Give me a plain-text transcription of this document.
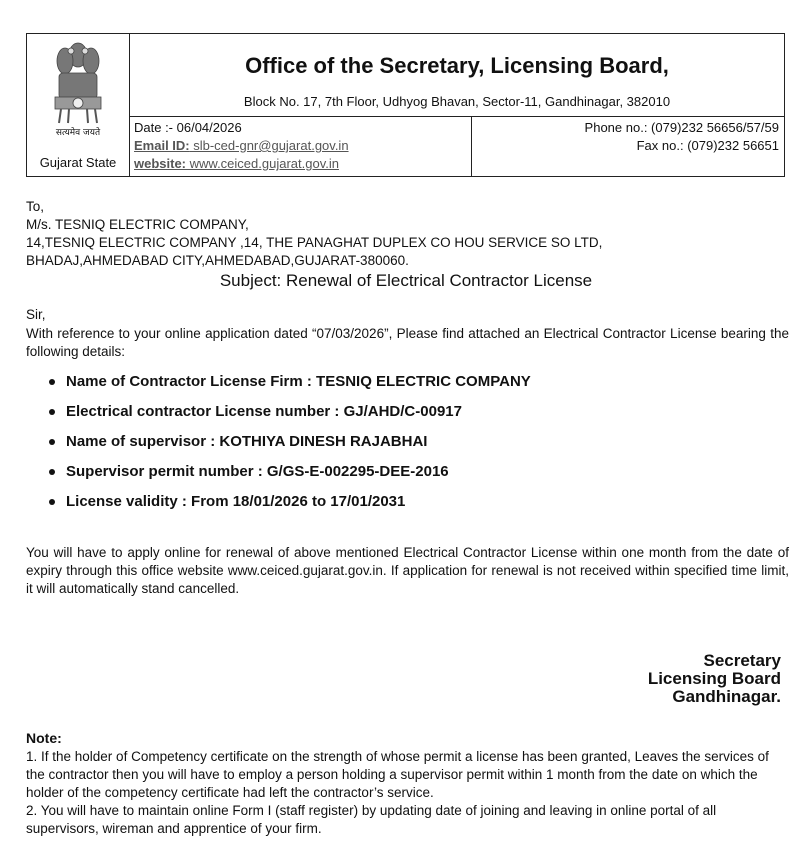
सत्यमेव जयते
Gujarat State
Office of the Secretary, Licensing Board,
Block No. 17, 7th Floor, Udhyog Bhavan, Sector-11, Gandhinagar, 382010
Date :- 06/04/2026
Email ID: slb-ced-gnr@gujarat.gov.in
website: www.ceiced.gujarat.gov.in
Phone no.: (079)232 56656/57/59
Fax no.: (079)232 56651
To,
M/s. TESNIQ ELECTRIC COMPANY,
14,TESNIQ ELECTRIC COMPANY ,14, THE PANAGHAT DUPLEX CO HOU SERVICE SO LTD,
BHADAJ,AHMEDABAD CITY,AHMEDABAD,GUJARAT-380060.
Subject: Renewal of Electrical Contractor License
Sir,
With reference to your online application dated “07/03/2026”, Please find attached an Electrical Contractor License bearing the following details:
Name of Contractor License Firm : TESNIQ ELECTRIC COMPANY
Electrical contractor License number : GJ/AHD/C-00917
Name of supervisor : KOTHIYA DINESH RAJABHAI
Supervisor permit number : G/GS-E-002295-DEE-2016
License validity : From 18/01/2026 to 17/01/2031
You will have to apply online for renewal of above mentioned Electrical Contractor License within one month from the date of expiry through this office website www.ceiced.gujarat.gov.in. If application for renewal is not received within specified time limit, it will automatically stand cancelled.
Secretary
Licensing Board
Gandhinagar.
Note:
1. If the holder of Competency certificate on the strength of whose permit a license has been granted, Leaves the services of the contractor then you will have to employ a person holding a supervisor permit within 1 month from the date on which the holder of the competency certificate had left the contractor’s service.
2. You will have to maintain online Form I (staff register) by updating date of joining and leaving in online portal of all supervisors, wireman and apprentice of your firm.
